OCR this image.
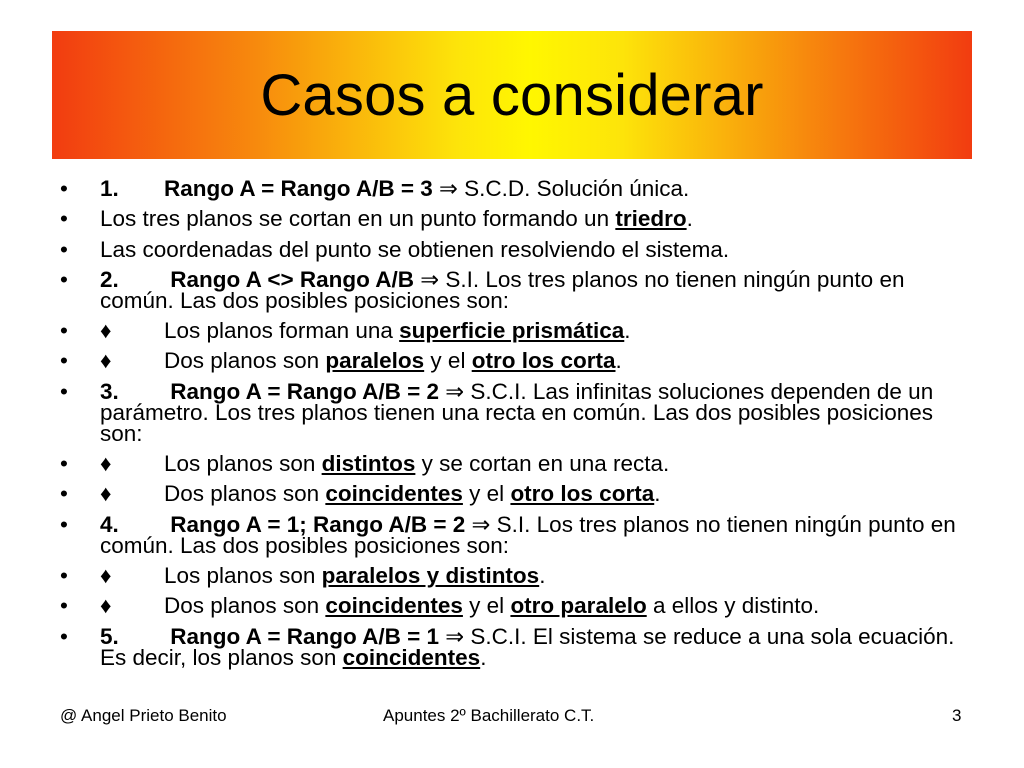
Casos a considerar
• 1. Rango A = Rango A/B = 3 ⇒ S.C.D. Solución única.
• Los tres planos se cortan en un punto formando un triedro.
• Las coordenadas del punto se obtienen resolviendo el sistema.
• 2. Rango A <> Rango A/B ⇒ S.I. Los tres planos no tienen ningún punto en común. Las dos posibles posiciones son:
• ♦ Los planos forman una superficie prismática.
• ♦ Dos planos son paralelos y el otro los corta.
• 3. Rango A = Rango A/B = 2 ⇒ S.C.I. Las infinitas soluciones dependen de un parámetro. Los tres planos tienen una recta en común. Las dos posibles posiciones son:
• ♦ Los planos son distintos y se cortan en una recta.
• ♦ Dos planos son coincidentes y el otro los corta.
• 4. Rango A = 1; Rango A/B = 2 ⇒ S.I. Los tres planos no tienen ningún punto en común. Las dos posibles posiciones son:
• ♦ Los planos son paralelos y distintos.
• ♦ Dos planos son coincidentes y el otro paralelo a ellos y distinto.
• 5. Rango A = Rango A/B = 1 ⇒ S.C.I. El sistema se reduce a una sola ecuación. Es decir, los planos son coincidentes.
@ Angel Prieto Benito	Apuntes 2º Bachillerato C.T.	3
